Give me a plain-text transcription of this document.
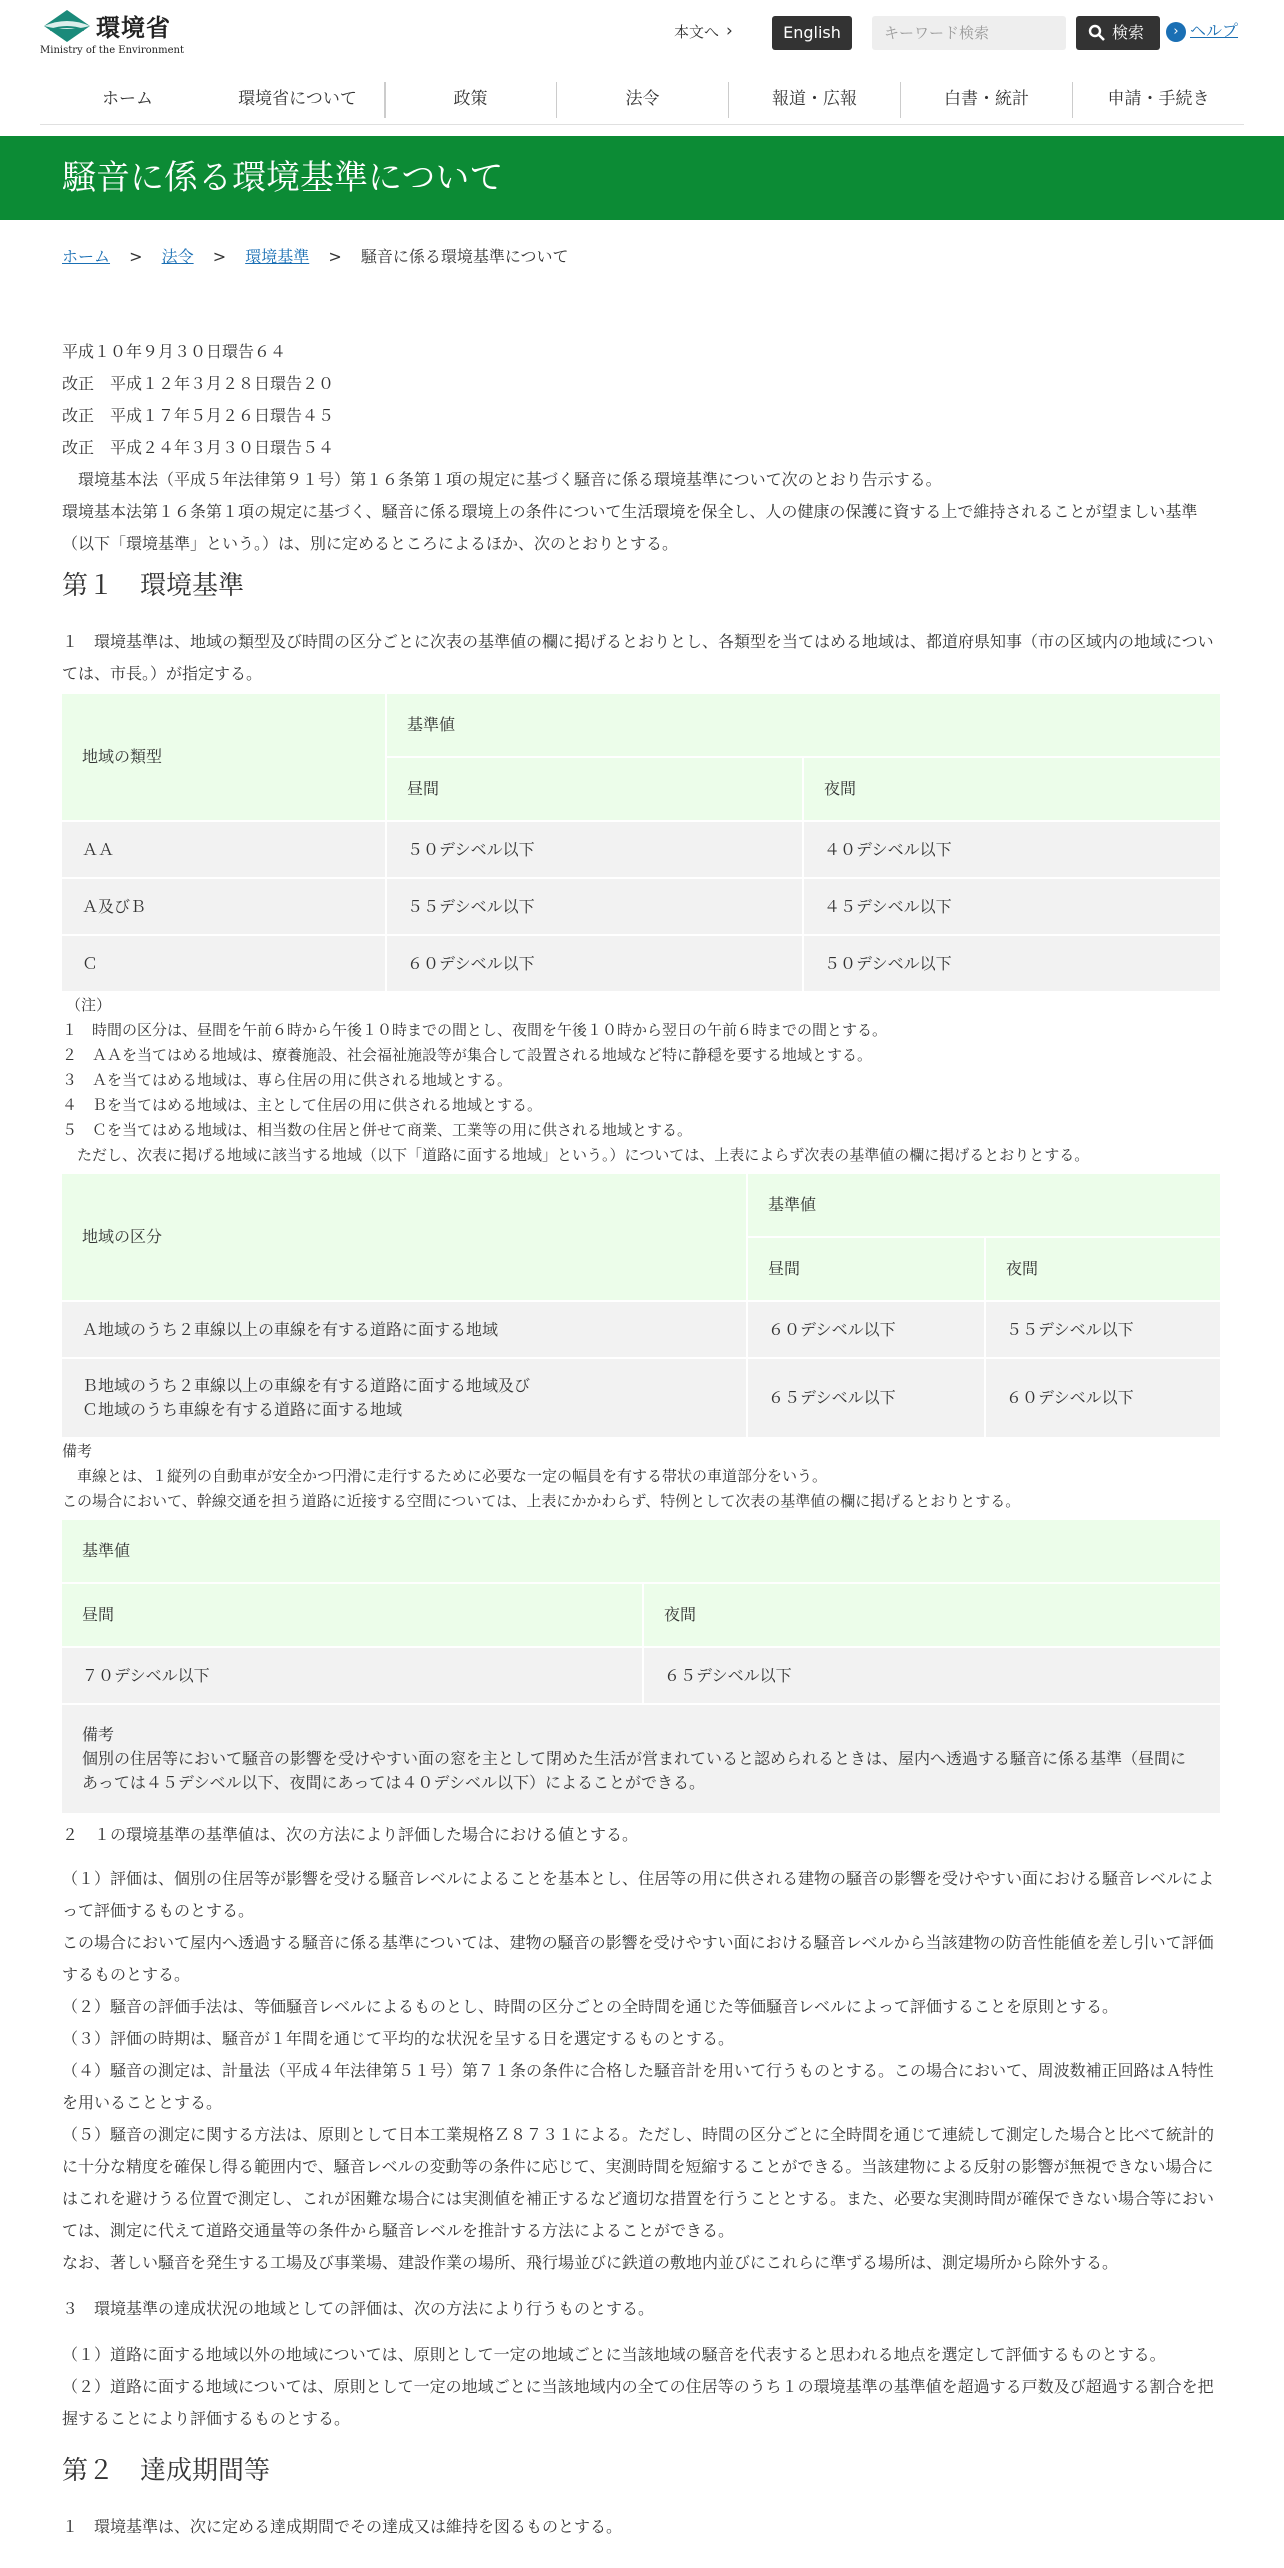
環境省
Ministry of the Environment
本文へ ›	English
キーワード検索	検索	› ヘルプ
ホーム	環境省について	政策	法令	報道・広報	白書・統計	申請・手続き
騒音に係る環境基準について
ホーム > 法令 > 環境基準 > 騒音に係る環境基準について

平成１０年９月３０日環告６４

改正　平成１２年３月２８日環告２０

改正　平成１７年５月２６日環告４５

改正　平成２４年３月３０日環告５４

　環境基本法（平成５年法律第９１号）第１６条第１項の規定に基づく騒音に係る環境基準について次のとおり告示する。

環境基本法第１６条第１項の規定に基づく、騒音に係る環境上の条件について生活環境を保全し、人の健康の保護に資する上で維持されることが望ましい基準

（以下「環境基準」という。）は、別に定めるところによるほか、次のとおりとする。

第１　環境基準

１　環境基準は、地域の類型及び時間の区分ごとに次表の基準値の欄に掲げるとおりとし、各類型を当てはめる地域は、都道府県知事（市の区域内の地域につい

ては、市長。）が指定する。

地域の類型	基準値	
	昼間	夜間
ＡＡ	５０デシベル以下	４０デシベル以下
Ａ及びＢ	５５デシベル以下	４５デシベル以下
Ｃ	６０デシベル以下	５０デシベル以下

（注）

１　時間の区分は、昼間を午前６時から午後１０時までの間とし、夜間を午後１０時から翌日の午前６時までの間とする。

２　ＡＡを当てはめる地域は、療養施設、社会福祉施設等が集合して設置される地域など特に静穏を要する地域とする。

３　Ａを当てはめる地域は、専ら住居の用に供される地域とする。

４　Ｂを当てはめる地域は、主として住居の用に供される地域とする。

５　Ｃを当てはめる地域は、相当数の住居と併せて商業、工業等の用に供される地域とする。

　ただし、次表に掲げる地域に該当する地域（以下「道路に面する地域」という。）については、上表によらず次表の基準値の欄に掲げるとおりとする。

地域の区分	基準値	
	昼間	夜間
Ａ地域のうち２車線以上の車線を有する道路に面する地域	６０デシベル以下	５５デシベル以下

Ｂ地域のうち２車線以上の車線を有する道路に面する地域及び
Ｃ地域のうち車線を有する道路に面する地域	６５デシベル以下	６０デシベル以下

備考

　車線とは、１縦列の自動車が安全かつ円滑に走行するために必要な一定の幅員を有する帯状の車道部分をいう。

この場合において、幹線交通を担う道路に近接する空間については、上表にかかわらず、特例として次表の基準値の欄に掲げるとおりとする。

基準値	
昼間	夜間
７０デシベル以下	６５デシベル以下

備考
個別の住居等において騒音の影響を受けやすい面の窓を主として閉めた生活が営まれていると認められるときは、屋内へ透過する騒音に係る基準（昼間に
あっては４５デシベル以下、夜間にあっては４０デシベル以下）によることができる。	

２　１の環境基準の基準値は、次の方法により評価した場合における値とする。

（１）評価は、個別の住居等が影響を受ける騒音レベルによることを基本とし、住居等の用に供される建物の騒音の影響を受けやすい面における騒音レベルによ

って評価するものとする。

この場合において屋内へ透過する騒音に係る基準については、建物の騒音の影響を受けやすい面における騒音レベルから当該建物の防音性能値を差し引いて評価

するものとする。

（２）騒音の評価手法は、等価騒音レベルによるものとし、時間の区分ごとの全時間を通じた等価騒音レベルによって評価することを原則とする。

（３）評価の時期は、騒音が１年間を通じて平均的な状況を呈する日を選定するものとする。

（４）騒音の測定は、計量法（平成４年法律第５１号）第７１条の条件に合格した騒音計を用いて行うものとする。この場合において、周波数補正回路はＡ特性

を用いることとする。

（５）騒音の測定に関する方法は、原則として日本工業規格Ｚ８７３１による。ただし、時間の区分ごとに全時間を通じて連続して測定した場合と比べて統計的

に十分な精度を確保し得る範囲内で、騒音レベルの変動等の条件に応じて、実測時間を短縮することができる。当該建物による反射の影響が無視できない場合に

はこれを避けうる位置で測定し、これが困難な場合には実測値を補正するなど適切な措置を行うこととする。また、必要な実測時間が確保できない場合等におい

ては、測定に代えて道路交通量等の条件から騒音レベルを推計する方法によることができる。

なお、著しい騒音を発生する工場及び事業場、建設作業の場所、飛行場並びに鉄道の敷地内並びにこれらに準ずる場所は、測定場所から除外する。

３　環境基準の達成状況の地域としての評価は、次の方法により行うものとする。

（１）道路に面する地域以外の地域については、原則として一定の地域ごとに当該地域の騒音を代表すると思われる地点を選定して評価するものとする。

（２）道路に面する地域については、原則として一定の地域ごとに当該地域内の全ての住居等のうち１の環境基準の基準値を超過する戸数及び超過する割合を把

握することにより評価するものとする。

第２　達成期間等

１　環境基準は、次に定める達成期間でその達成又は維持を図るものとする。
